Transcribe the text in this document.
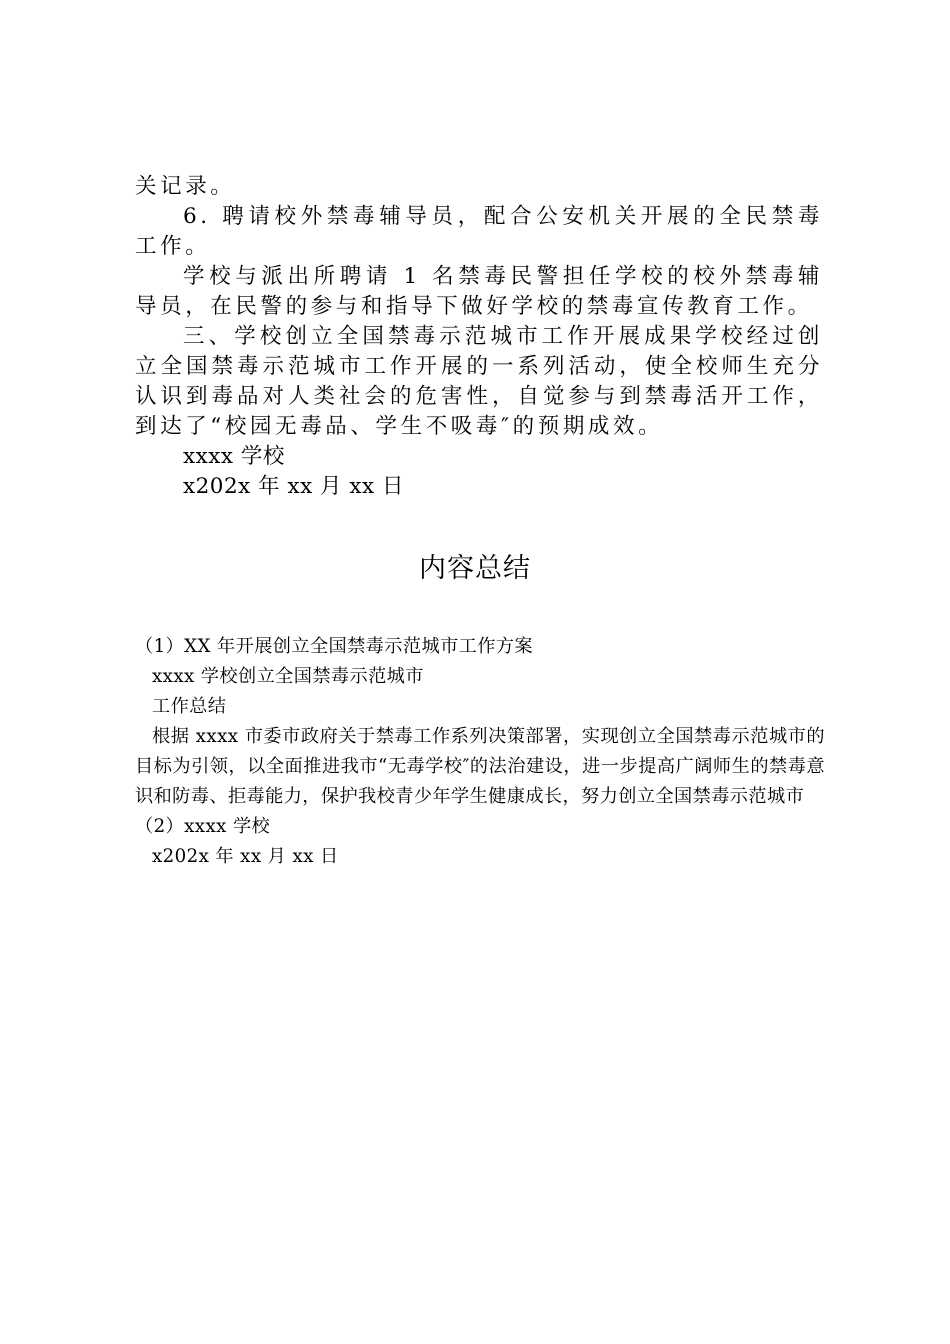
关记录。

6. 聘请校外禁毒辅导员，配合公安机关开展的全民禁毒工作。

学校与派出所聘请 1 名禁毒民警担任学校的校外禁毒辅导员，在民警的参与和指导下做好学校的禁毒宣传教育工作。

三、学校创立全国禁毒示范城市工作开展成果学校经过创立全国禁毒示范城市工作开展的一系列活动，使全校师生充分认识到毒品对人类社会的危害性，自觉参与到禁毒活开工作，到达了“校园无毒品、学生不吸毒″的预期成效。

xxxx 学校

x202x 年 xx 月 xx 日

内容总结

（1）XX 年开展创立全国禁毒示范城市工作方案

xxxx 学校创立全国禁毒示范城市

工作总结

根据 xxxx 市委市政府关于禁毒工作系列决策部署，实现创立全国禁毒示范城市的目标为引领，以全面推进我市“无毒学校″的法治建设，进一步提高广阔师生的禁毒意识和防毒、拒毒能力，保护我校青少年学生健康成长，努力创立全国禁毒示范城市

（2）xxxx 学校

x202x 年 xx 月 xx 日
